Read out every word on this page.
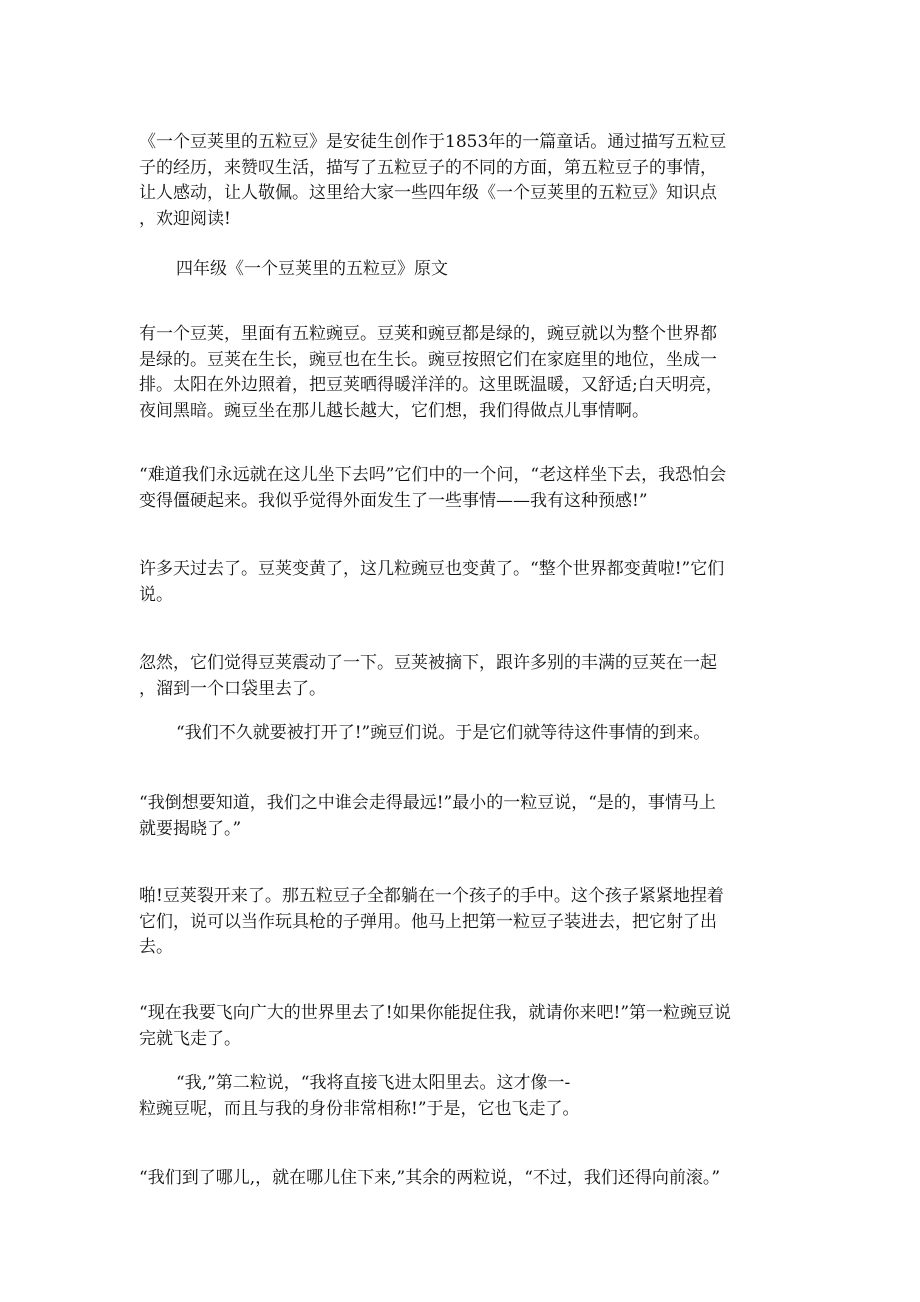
《一个豆荚里的五粒豆》是安徒生创作于1853年的一篇童话。通过描写五粒豆
子的经历，来赞叹生活，描写了五粒豆子的不同的方面，第五粒豆子的事情，
让人感动，让人敬佩。这里给大家一些四年级《一个豆荚里的五粒豆》知识点
，欢迎阅读!

四年级《一个豆荚里的五粒豆》原文

有一个豆荚，里面有五粒豌豆。豆荚和豌豆都是绿的，豌豆就以为整个世界都
是绿的。豆荚在生长，豌豆也在生长。豌豆按照它们在家庭里的地位，坐成一
排。太阳在外边照着，把豆荚晒得暖洋洋的。这里既温暖，又舒适;白天明亮，
夜间黑暗。豌豆坐在那儿越长越大，它们想，我们得做点儿事情啊。

“难道我们永远就在这儿坐下去吗”它们中的一个问，“老这样坐下去，我恐怕会
变得僵硬起来。我似乎觉得外面发生了一些事情——我有这种预感!”

许多天过去了。豆荚变黄了，这几粒豌豆也变黄了。“整个世界都变黄啦!”它们
说。

忽然，它们觉得豆荚震动了一下。豆荚被摘下，跟许多别的丰满的豆荚在一起
，溜到一个口袋里去了。

“我们不久就要被打开了!”豌豆们说。于是它们就等待这件事情的到来。

“我倒想要知道，我们之中谁会走得最远!”最小的一粒豆说，“是的，事情马上
就要揭晓了。”

啪!豆荚裂开来了。那五粒豆子全都躺在一个孩子的手中。这个孩子紧紧地捏着
它们，说可以当作玩具枪的子弹用。他马上把第一粒豆子装进去，把它射了出
去。

“现在我要飞向广大的世界里去了!如果你能捉住我，就请你来吧!”第一粒豌豆说
完就飞走了。

“我,”第二粒说，“我将直接飞进太阳里去。这才像一-

粒豌豆呢，而且与我的身份非常相称!”于是，它也飞走了。

“我们到了哪儿,，就在哪儿住下来,”其余的两粒说，“不过，我们还得向前滚。”
